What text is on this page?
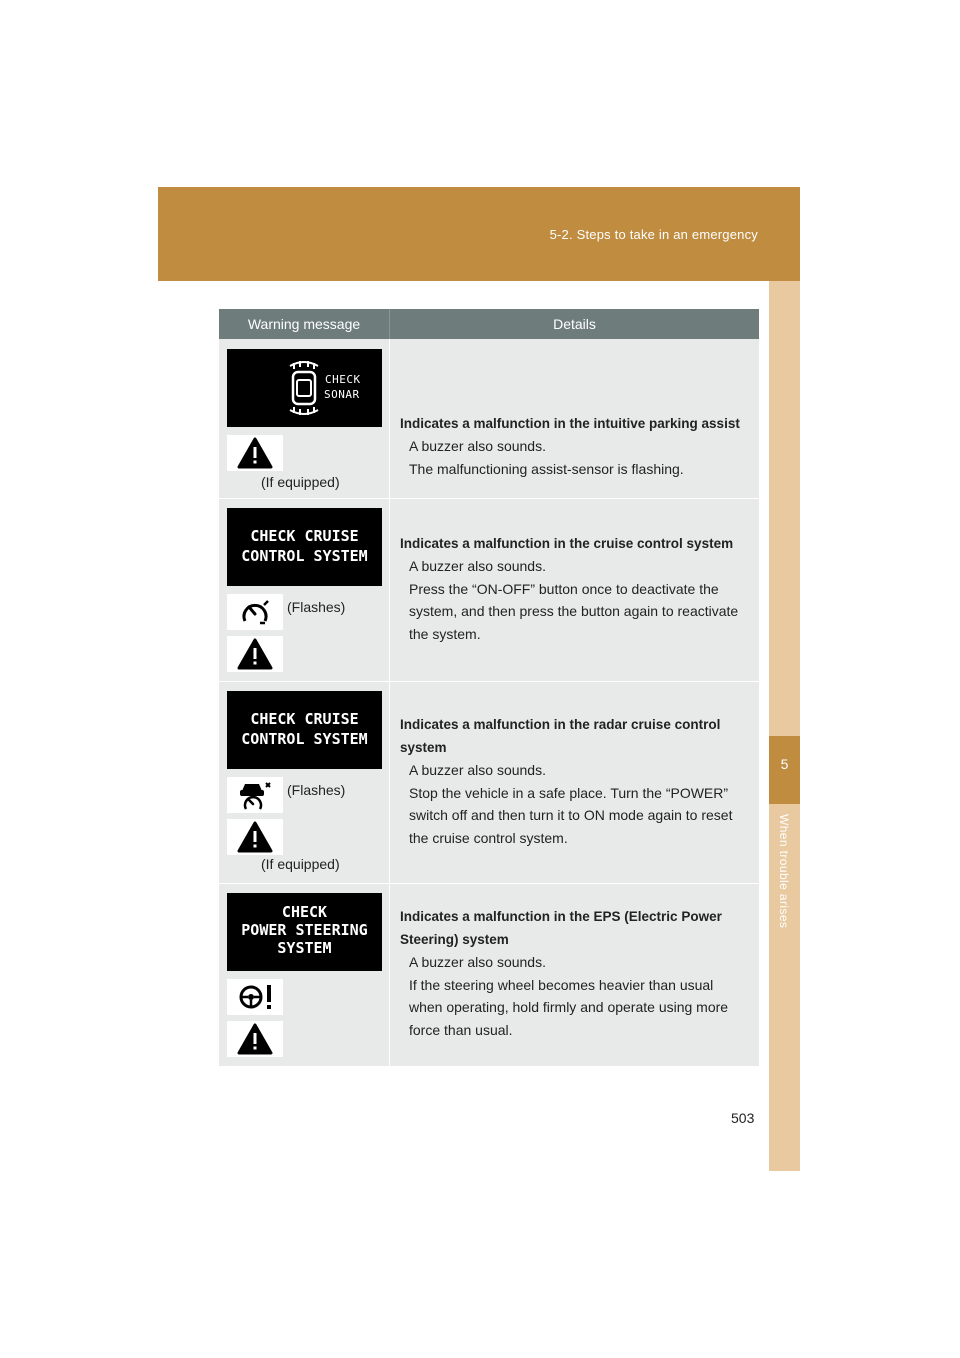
5-2. Steps to take in an emergency
5
When trouble arises
Warning message	Details
CHECK
SONAR
(If equipped)
Indicates a malfunction in the intuitive parking assist
A buzzer also sounds.
The malfunctioning assist-sensor is flashing.
CHECK CRUISE
CONTROL SYSTEM
(Flashes)
Indicates a malfunction in the cruise control system
A buzzer also sounds.
Press the “ON-OFF” button once to deactivate the
system, and then press the button again to reactivate
the system.
CHECK CRUISE
CONTROL SYSTEM
(Flashes)
(If equipped)
Indicates a malfunction in the radar cruise control
system
A buzzer also sounds.
Stop the vehicle in a safe place. Turn the “POWER”
switch off and then turn it to ON mode again to reset
the cruise control system.
CHECK
POWER STEERING
SYSTEM
Indicates a malfunction in the EPS (Electric Power
Steering) system
A buzzer also sounds.
If the steering wheel becomes heavier than usual
when operating, hold firmly and operate using more
force than usual.
503
